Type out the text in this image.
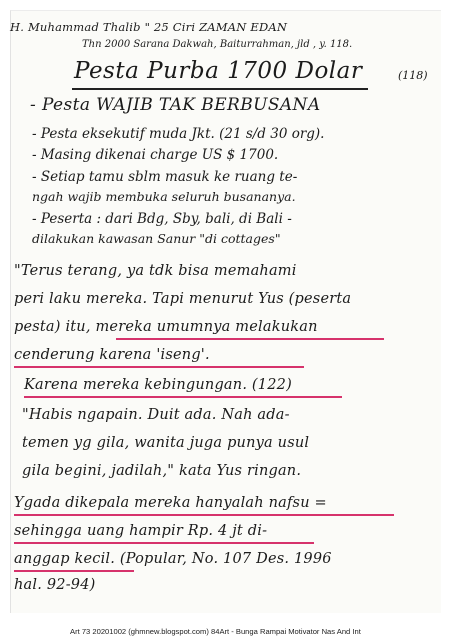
H. Muhammad Thalib " 25 Ciri ZAMAN EDAN
Thn 2000 Sarana Dakwah, Baiturrahman, jld , y. 118.
Pesta Purba 1700 Dolar	(118)
- Pesta WAJIB TAK BERBUSANA
- Pesta eksekutif muda Jkt. (21 s/d 30 org).
- Masing dikenai charge US $ 1700.
- Setiap tamu sblm masuk ke ruang te-
ngah wajib membuka seluruh busananya.
- Peserta : dari Bdg, Sby, bali, di Bali -
dilakukan kawasan Sanur "di cottages"
"Terus terang, ya tdk bisa memahami
peri laku mereka. Tapi menurut Yus (peserta
pesta) itu, mereka umumnya melakukan
cenderung karena 'iseng'.
Karena mereka kebingungan. (122)
"Habis ngapain. Duit ada. Nah ada-
temen yg gila, wanita juga punya usul
gila begini, jadilah," kata Yus ringan.
Ygada dikepala mereka hanyalah nafsu =
sehingga uang hampir Rp. 4 jt di-
anggap kecil. (Popular, No. 107 Des. 1996
hal. 92-94)
Art 73 20201002 (ghmnew.blogspot.com) 84Art - Bunga Rampai Motivator Nas And Int
